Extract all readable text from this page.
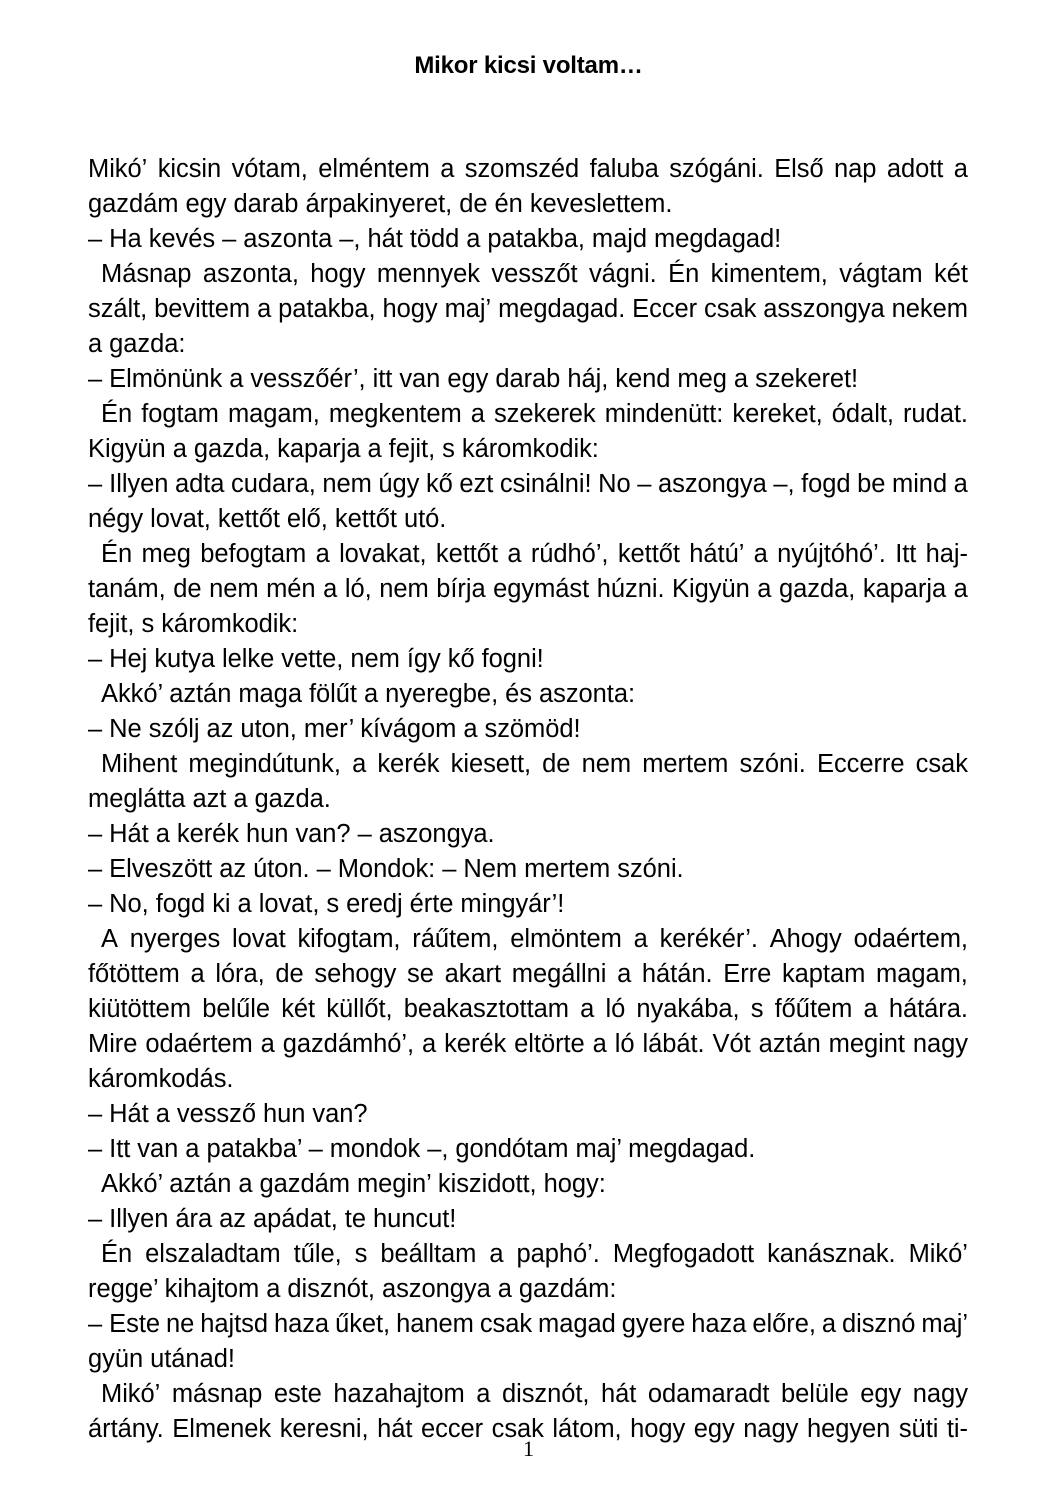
Mikor kicsi voltam…
Mikó’ kicsin vótam, elméntem a szomszéd faluba szógáni. Első nap adott a
gazdám egy darab árpakinyeret, de én keveslettem.
– Ha kevés – aszonta –, hát tödd a patakba, majd megdagad!
Másnap aszonta, hogy mennyek vesszőt vágni. Én kimentem, vágtam két
szált, bevittem a patakba, hogy maj’ megdagad. Eccer csak asszongya nekem
a gazda:
– Elmönünk a vesszőér’, itt van egy darab háj, kend meg a szekeret!
Én fogtam magam, megkentem a szekerek mindenütt: kereket, ódalt, rudat.
Kigyün a gazda, kaparja a fejit, s káromkodik:
– Illyen adta cudara, nem úgy kő ezt csinálni! No – aszongya –, fogd be mind a
négy lovat, kettőt elő, kettőt utó.
Én meg befogtam a lovakat, kettőt a rúdhó’, kettőt hátú’ a nyújtóhó’. Itt haj-
tanám, de nem mén a ló, nem bírja egymást húzni. Kigyün a gazda, kaparja a
fejit, s káromkodik:
– Hej kutya lelke vette, nem így kő fogni!
Akkó’ aztán maga fölűt a nyeregbe, és aszonta:
– Ne szólj az uton, mer’ kívágom a szömöd!
Mihent megindútunk, a kerék kiesett, de nem mertem szóni. Eccerre csak
meglátta azt a gazda.
– Hát a kerék hun van? – aszongya.
– Elveszött az úton. – Mondok: – Nem mertem szóni.
– No, fogd ki a lovat, s eredj érte mingyár’!
A nyerges lovat kifogtam, ráűtem, elmöntem a kerékér’. Ahogy odaértem,
főtöttem a lóra, de sehogy se akart megállni a hátán. Erre kaptam magam,
kiütöttem belűle két küllőt, beakasztottam a ló nyakába, s főűtem a hátára.
Mire odaértem a gazdámhó’, a kerék eltörte a ló lábát. Vót aztán megint nagy
káromkodás.
– Hát a vessző hun van?
– Itt van a patakba’ – mondok –, gondótam maj’ megdagad.
Akkó’ aztán a gazdám megin’ kiszidott, hogy:
– Illyen ára az apádat, te huncut!
Én elszaladtam tűle, s beálltam a paphó’. Megfogadott kanásznak. Mikó’
regge’ kihajtom a disznót, aszongya a gazdám:
– Este ne hajtsd haza űket, hanem csak magad gyere haza előre, a disznó maj’
gyün utánad!
Mikó’ másnap este hazahajtom a disznót, hát odamaradt belüle egy nagy
ártány. Elmenek keresni, hát eccer csak látom, hogy egy nagy hegyen süti ti-
1
